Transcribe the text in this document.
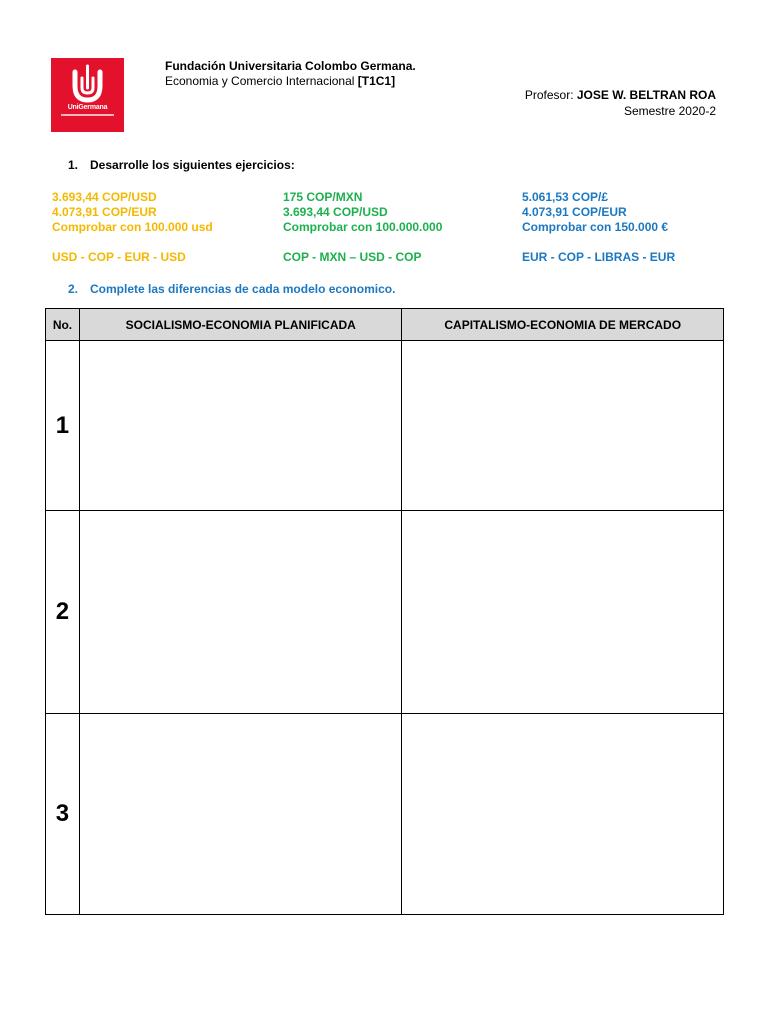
UniGermana
Fundación Universitaria Colombo Germana.
Economia y Comercio Internacional [T1C1]
Profesor: JOSE W. BELTRAN ROA
Semestre 2020-2
1. Desarrolle los siguientes ejercicios:
3.693,44 COP/USD
4.073,91 COP/EUR
Comprobar con 100.000 usd
USD - COP - EUR - USD
175 COP/MXN
3.693,44 COP/USD
Comprobar con 100.000.000
COP - MXN – USD - COP
5.061,53 COP/£
4.073,91 COP/EUR
Comprobar con 150.000 €
EUR - COP - LIBRAS - EUR
2. Complete las diferencias de cada modelo economico.
No.	SOCIALISMO-ECONOMIA PLANIFICADA	CAPITALISMO-ECONOMIA DE MERCADO
1		
2		
3		
